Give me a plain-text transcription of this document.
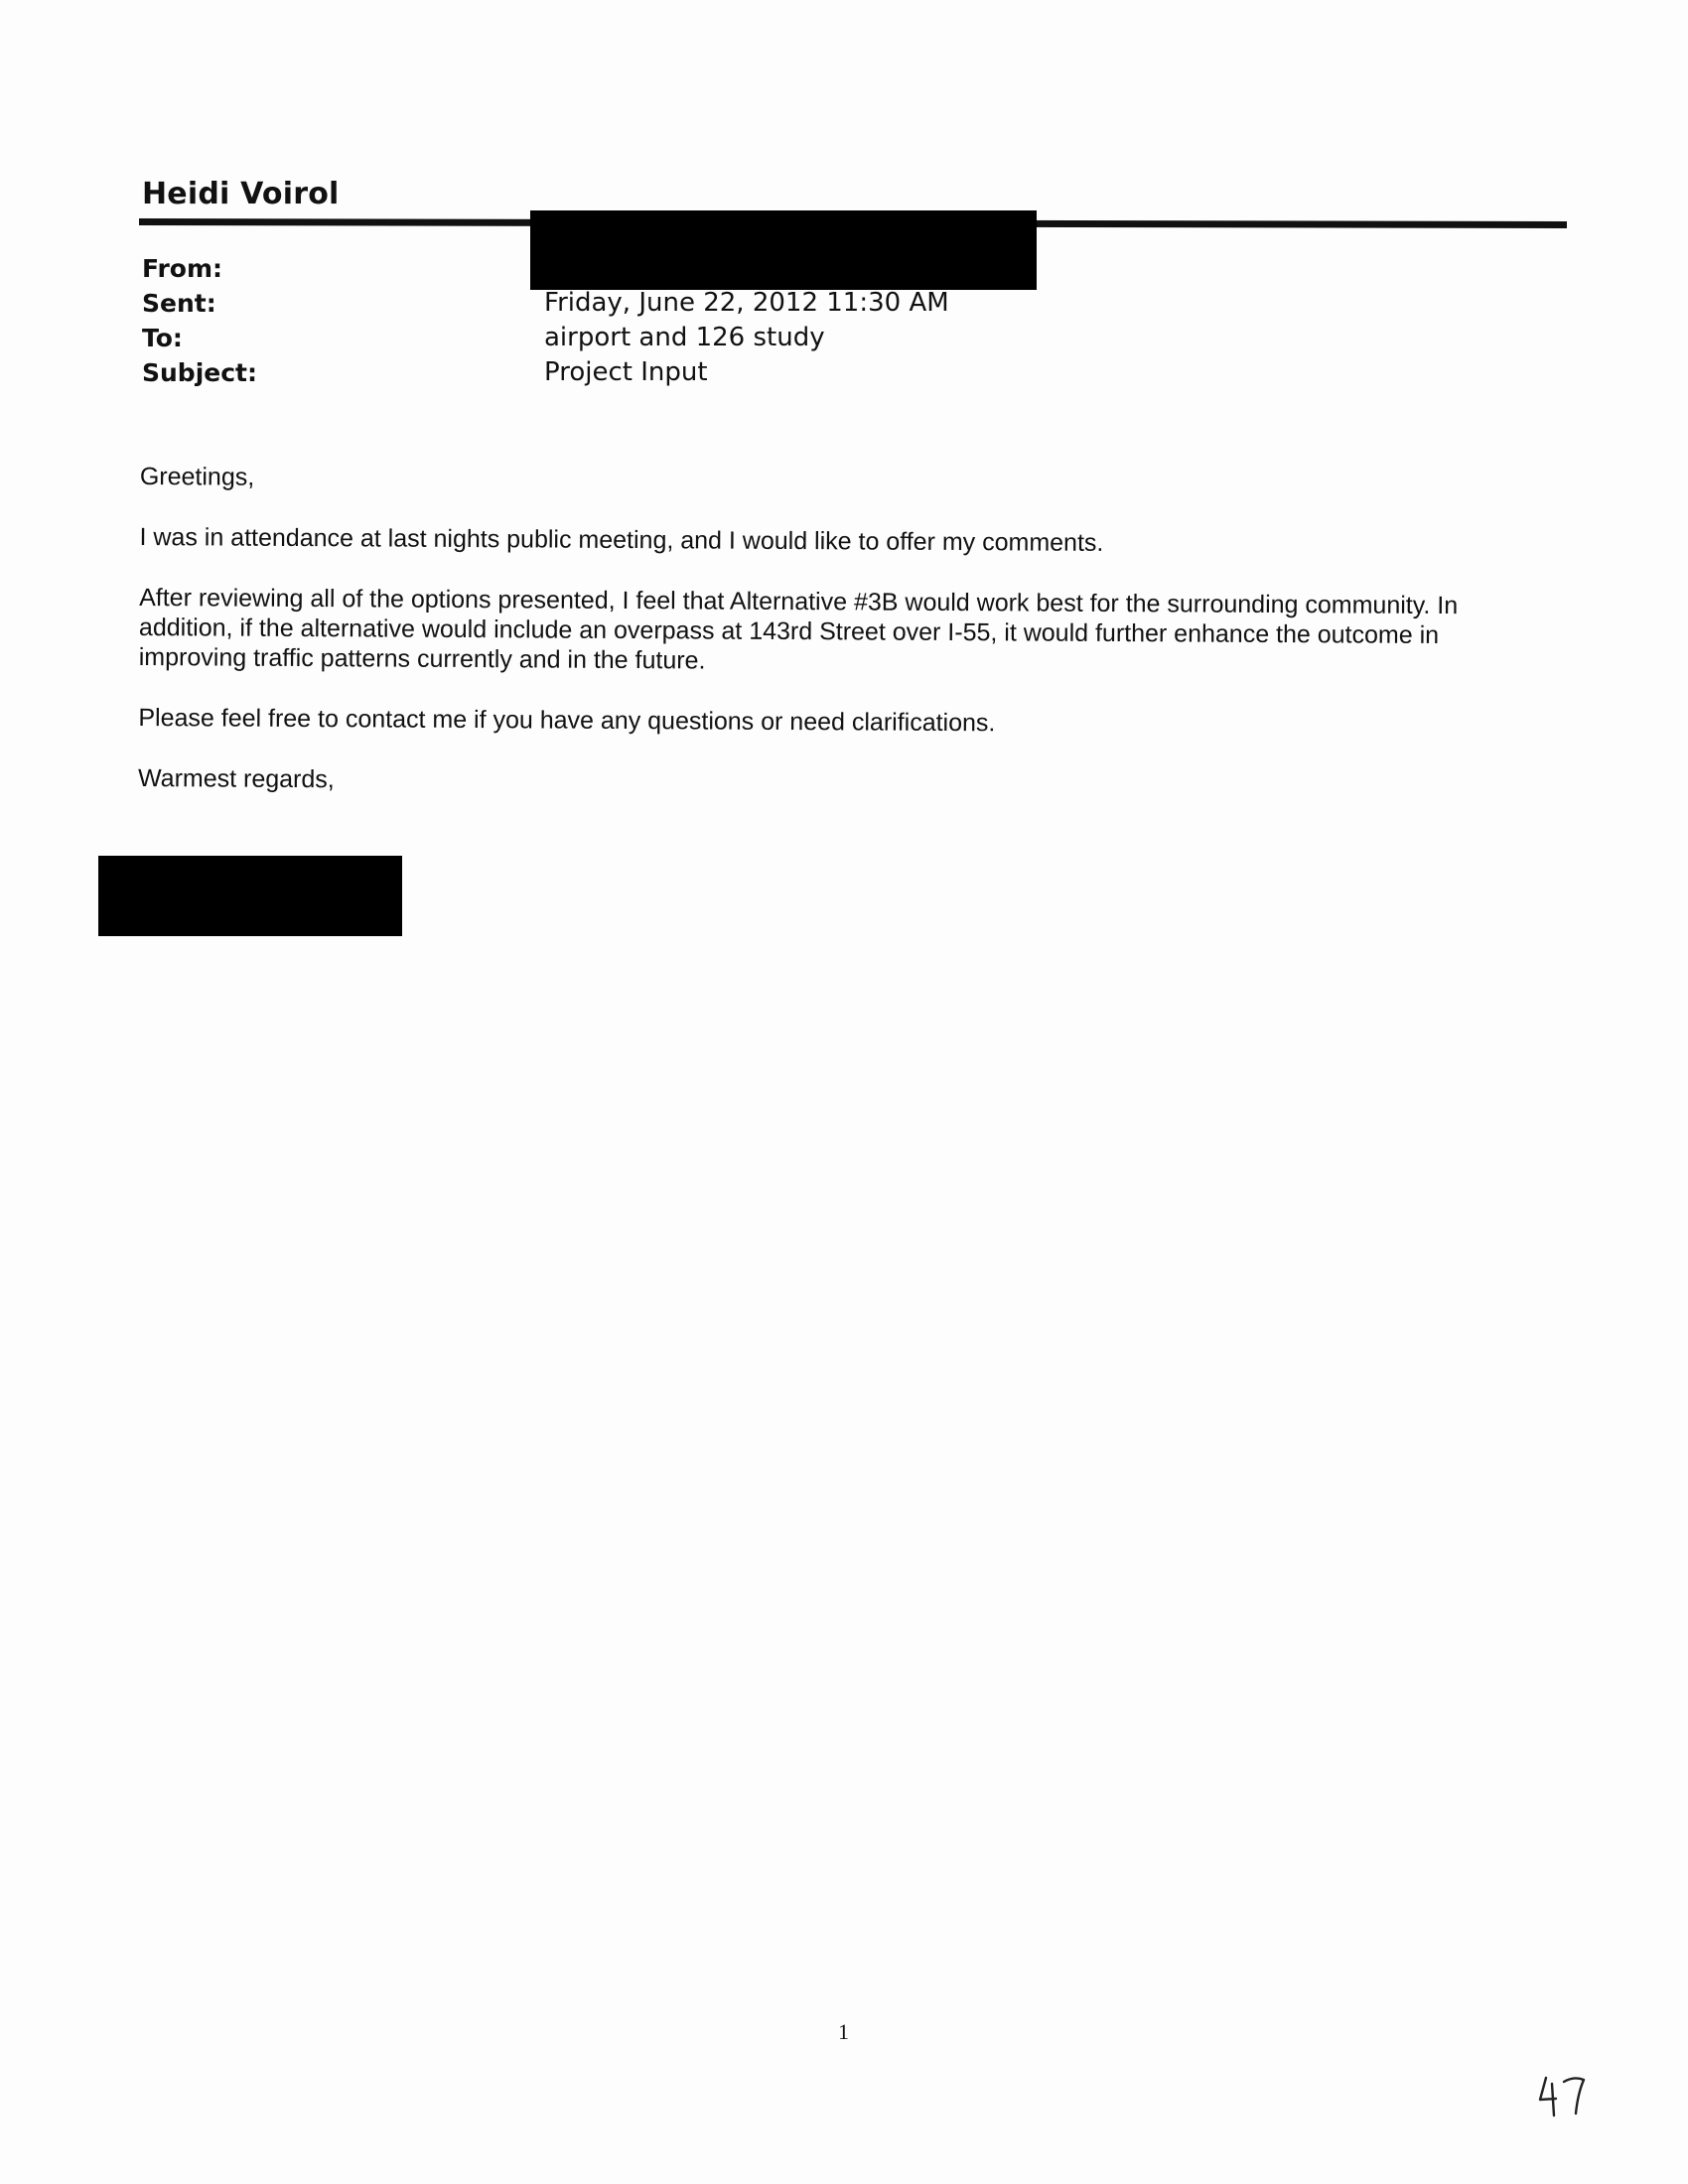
Heidi Voirol
From:
Sent:
To:
Subject:
Friday, June 22, 2012 11:30 AM
airport and 126 study
Project Input

Greetings,

I was in attendance at last nights public meeting, and I would like to offer my comments.

After reviewing all of the options presented, I feel that Alternative #3B would work best for the surrounding community. In addition, if the alternative would include an overpass at 143rd Street over I-55, it would further enhance the outcome in improving traffic patterns currently and in the future.

Please feel free to contact me if you have any questions or need clarifications.

Warmest regards,

1
